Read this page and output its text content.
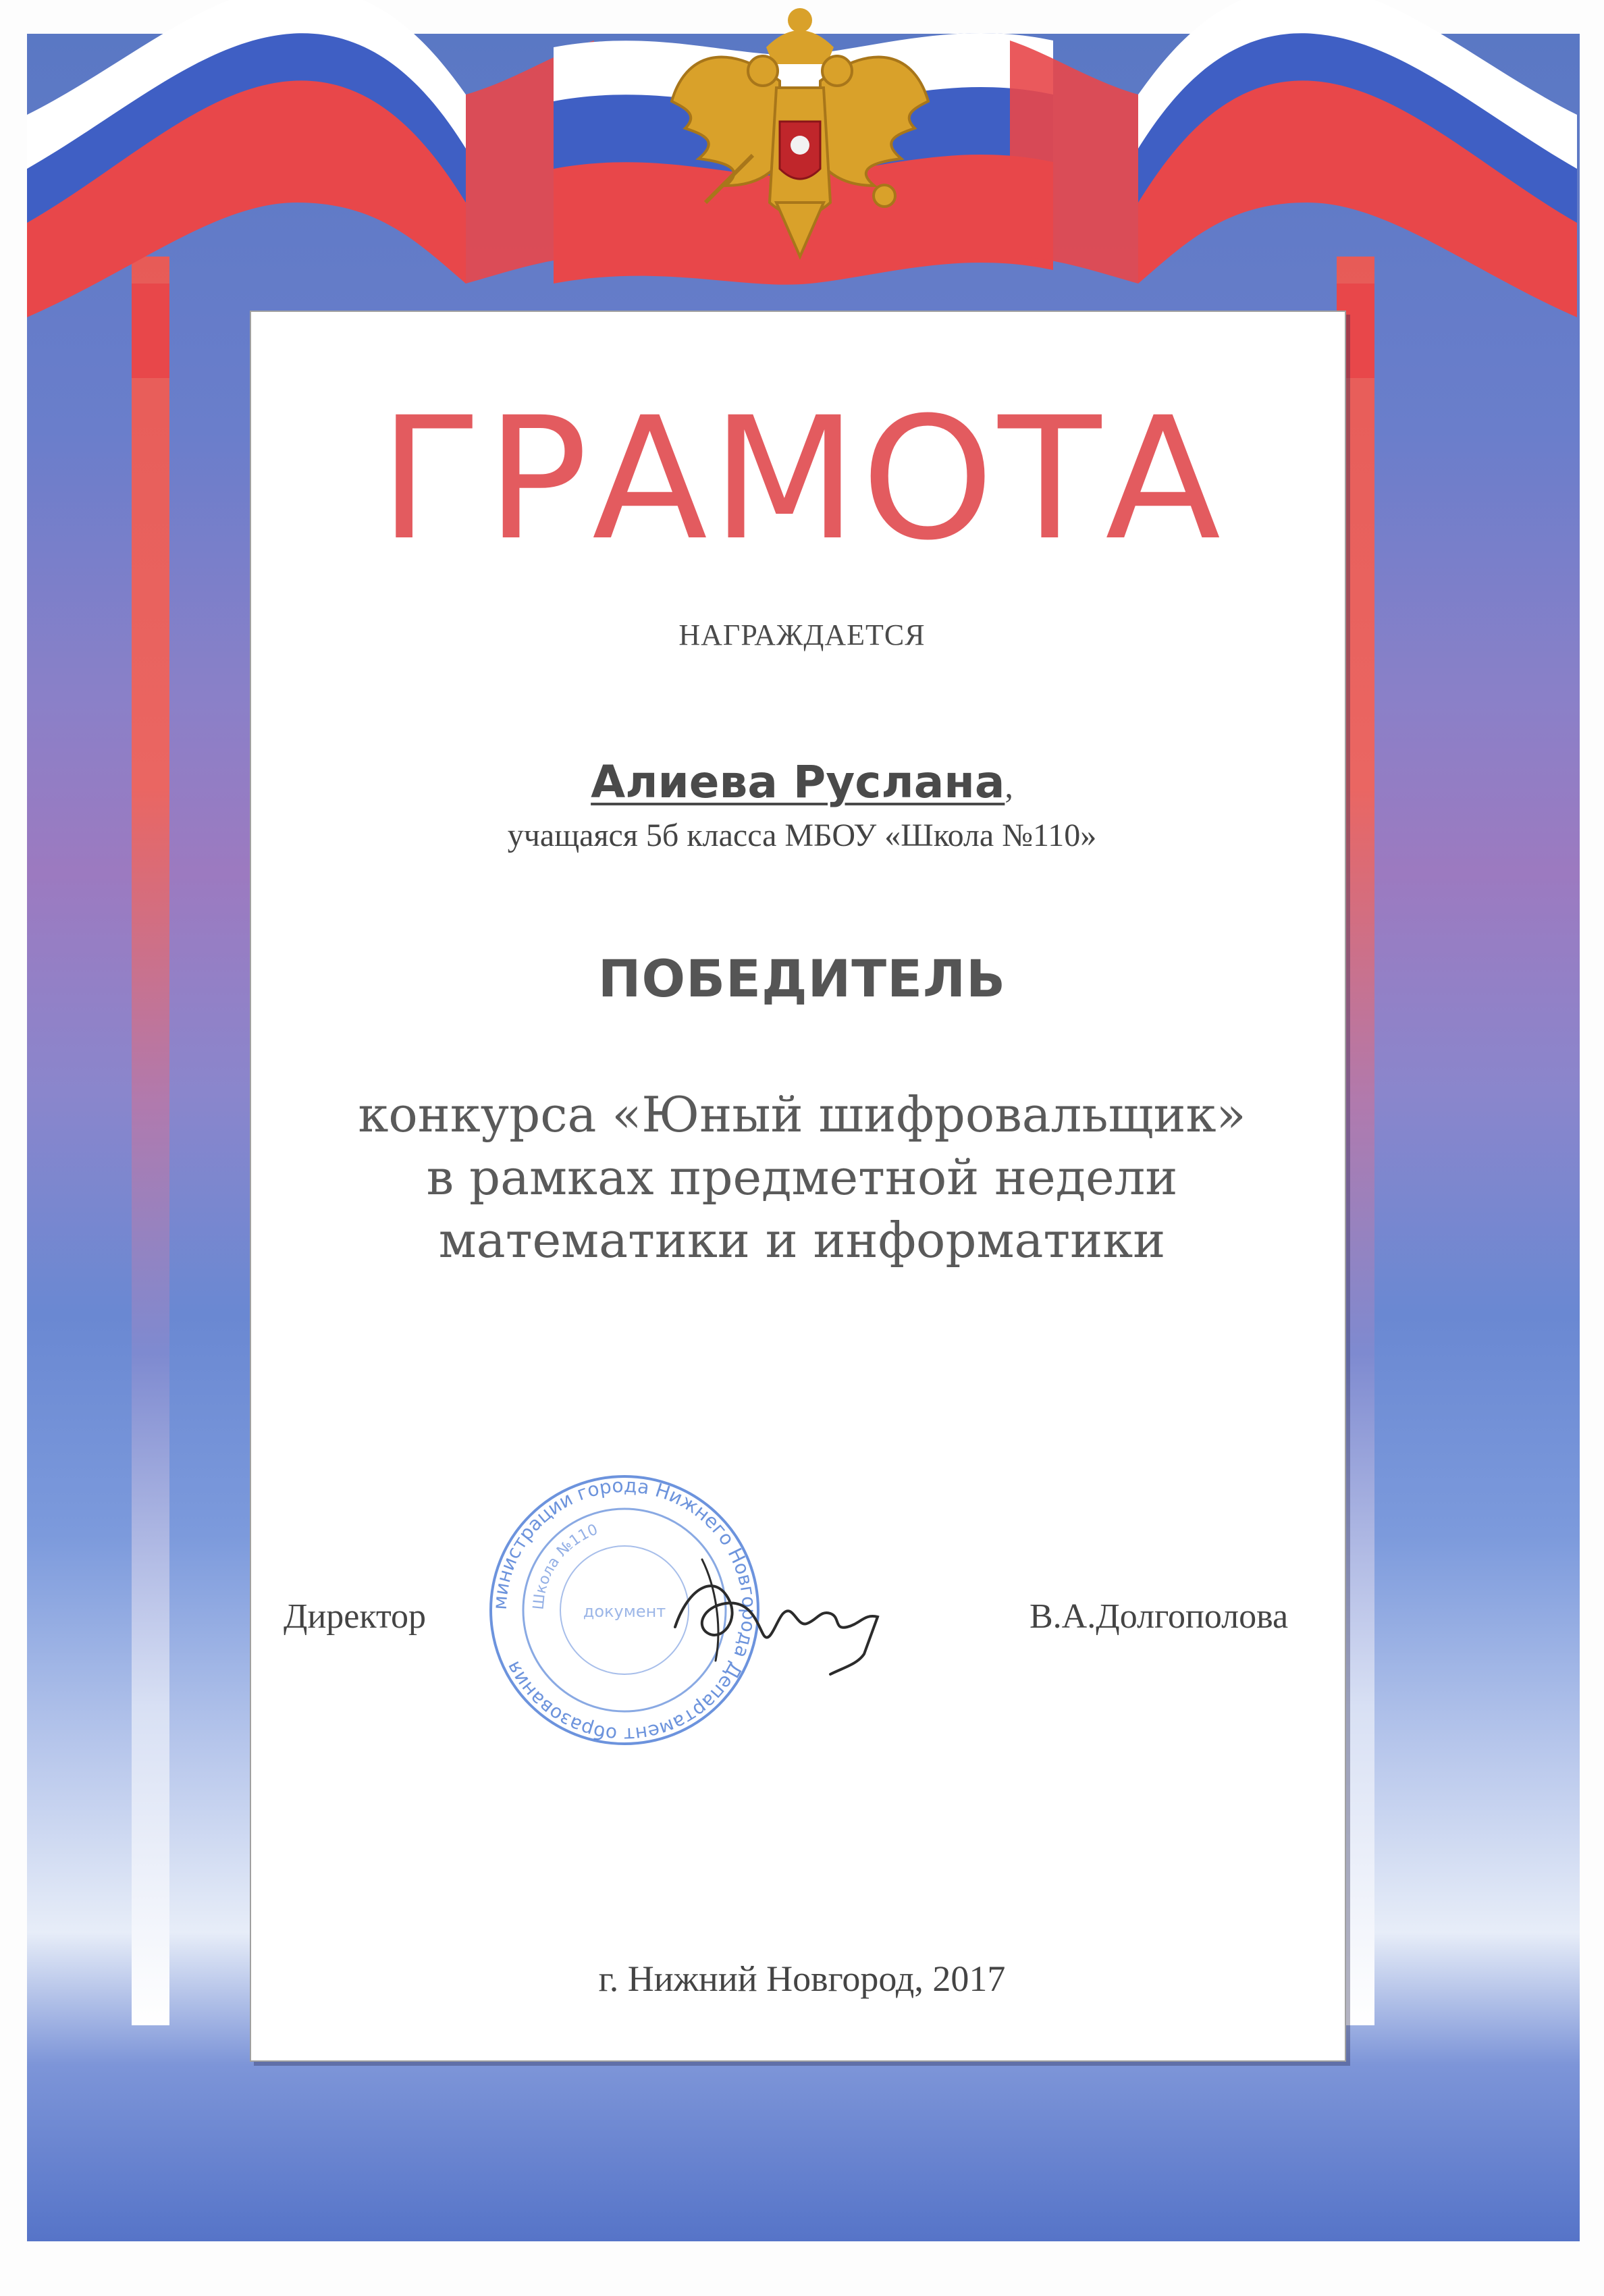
ГРАМОТА
НАГРАЖДАЕТСЯ
Алиева Руслана,
учащаяся 5б класса МБОУ «Школа №110»
ПОБЕДИТЕЛЬ
конкурса «Юный шифровальщик»
в рамках предметной недели
математики и информатики
министрации города Нижнего Новгорода Департамент образования
Школа №110
документ
Директор	В.А.Долгополова
г. Нижний Новгород, 2017
